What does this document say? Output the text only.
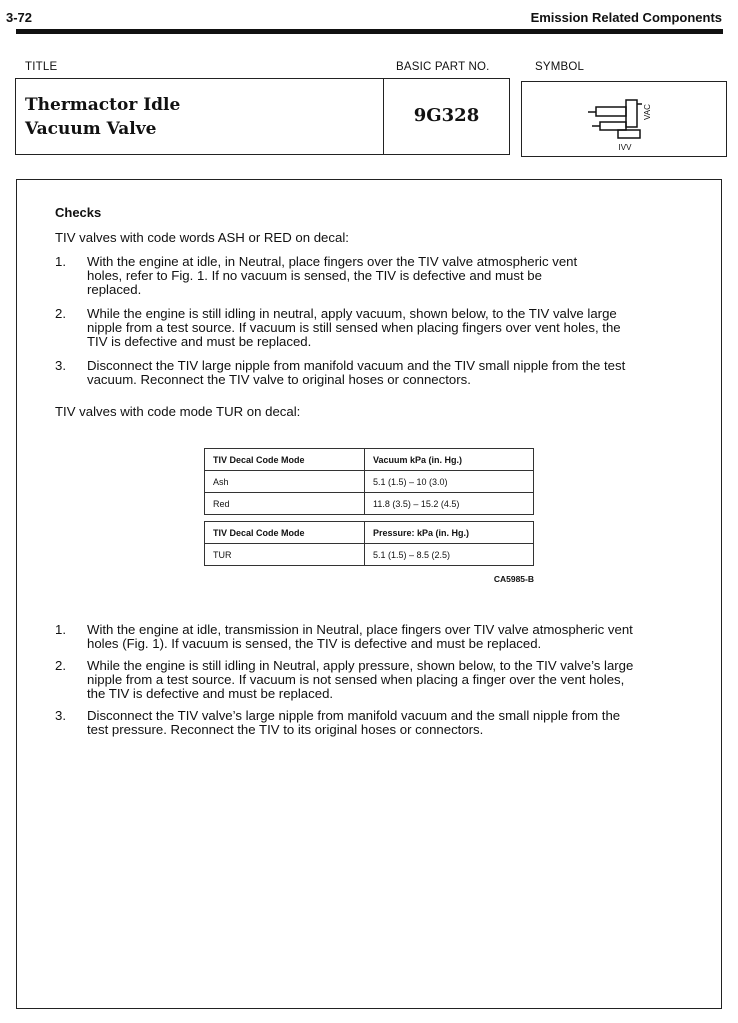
3-72	Emission Related Components
TITLE	BASIC PART NO.	SYMBOL
Thermactor Idle
Vacuum Valve
9G328	VAC
IVV
Checks
TIV valves with code words ASH or RED on decal:
1. With the engine at idle, in Neutral, place fingers over the TIV valve atmospheric vent
holes, refer to Fig. 1. If no vacuum is sensed, the TIV is defective and must be
replaced.
2. While the engine is still idling in neutral, apply vacuum, shown below, to the TIV valve large
nipple from a test source. If vacuum is still sensed when placing fingers over vent holes, the
TIV is defective and must be replaced.
3. Disconnect the TIV large nipple from manifold vacuum and the TIV small nipple from the test
vacuum. Reconnect the TIV valve to original hoses or connectors.
TIV valves with code mode TUR on decal:
TIV Decal Code Mode	Vacuum kPa (in. Hg.)
Ash	5.1 (1.5) – 10 (3.0)
Red	11.8 (3.5) – 15.2 (4.5)
TIV Decal Code Mode	Pressure: kPa (in. Hg.)
TUR	5.1 (1.5) – 8.5 (2.5)
CA5985-B
1. With the engine at idle, transmission in Neutral, place fingers over TIV valve atmospheric vent
holes (Fig. 1). If vacuum is sensed, the TIV is defective and must be replaced.
2. While the engine is still idling in Neutral, apply pressure, shown below, to the TIV valve’s large
nipple from a test source. If vacuum is not sensed when placing a finger over the vent holes,
the TIV is defective and must be replaced.
3. Disconnect the TIV valve’s large nipple from manifold vacuum and the small nipple from the
test pressure. Reconnect the TIV to its original hoses or connectors.
